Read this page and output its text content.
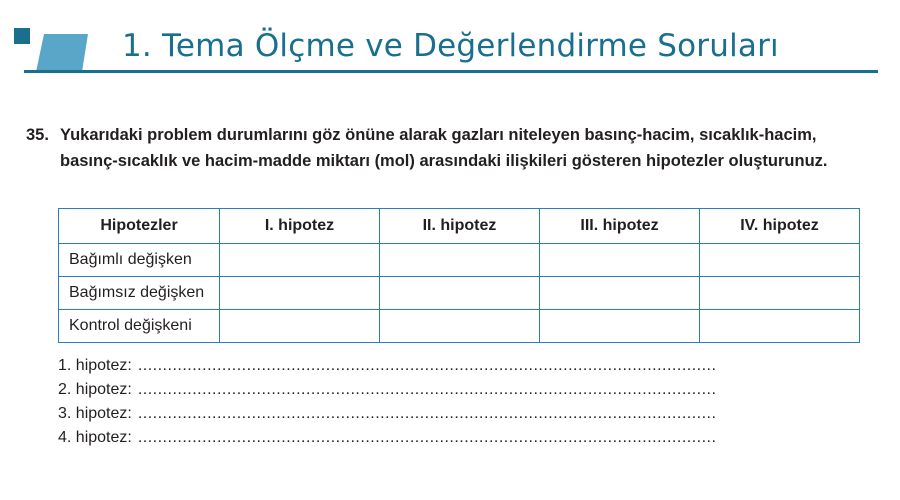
1. Tema Ölçme ve Değerlendirme Soruları
35. Yukarıdaki problem durumlarını göz önüne alarak gazları niteleyen basınç-hacim, sıcaklık-hacim, basınç-sıcaklık ve hacim-madde miktarı (mol) arasındaki ilişkileri gösteren hipotezler oluşturunuz.

Hipotezler	I. hipotez	II. hipotez	III. hipotez	IV. hipotez
Bağımlı değişken				
Bağımsız değişken				
Kontrol değişkeni				
1. hipotez: .....................................................................................................................
2. hipotez: .....................................................................................................................
3. hipotez: .....................................................................................................................
4. hipotez: .....................................................................................................................
